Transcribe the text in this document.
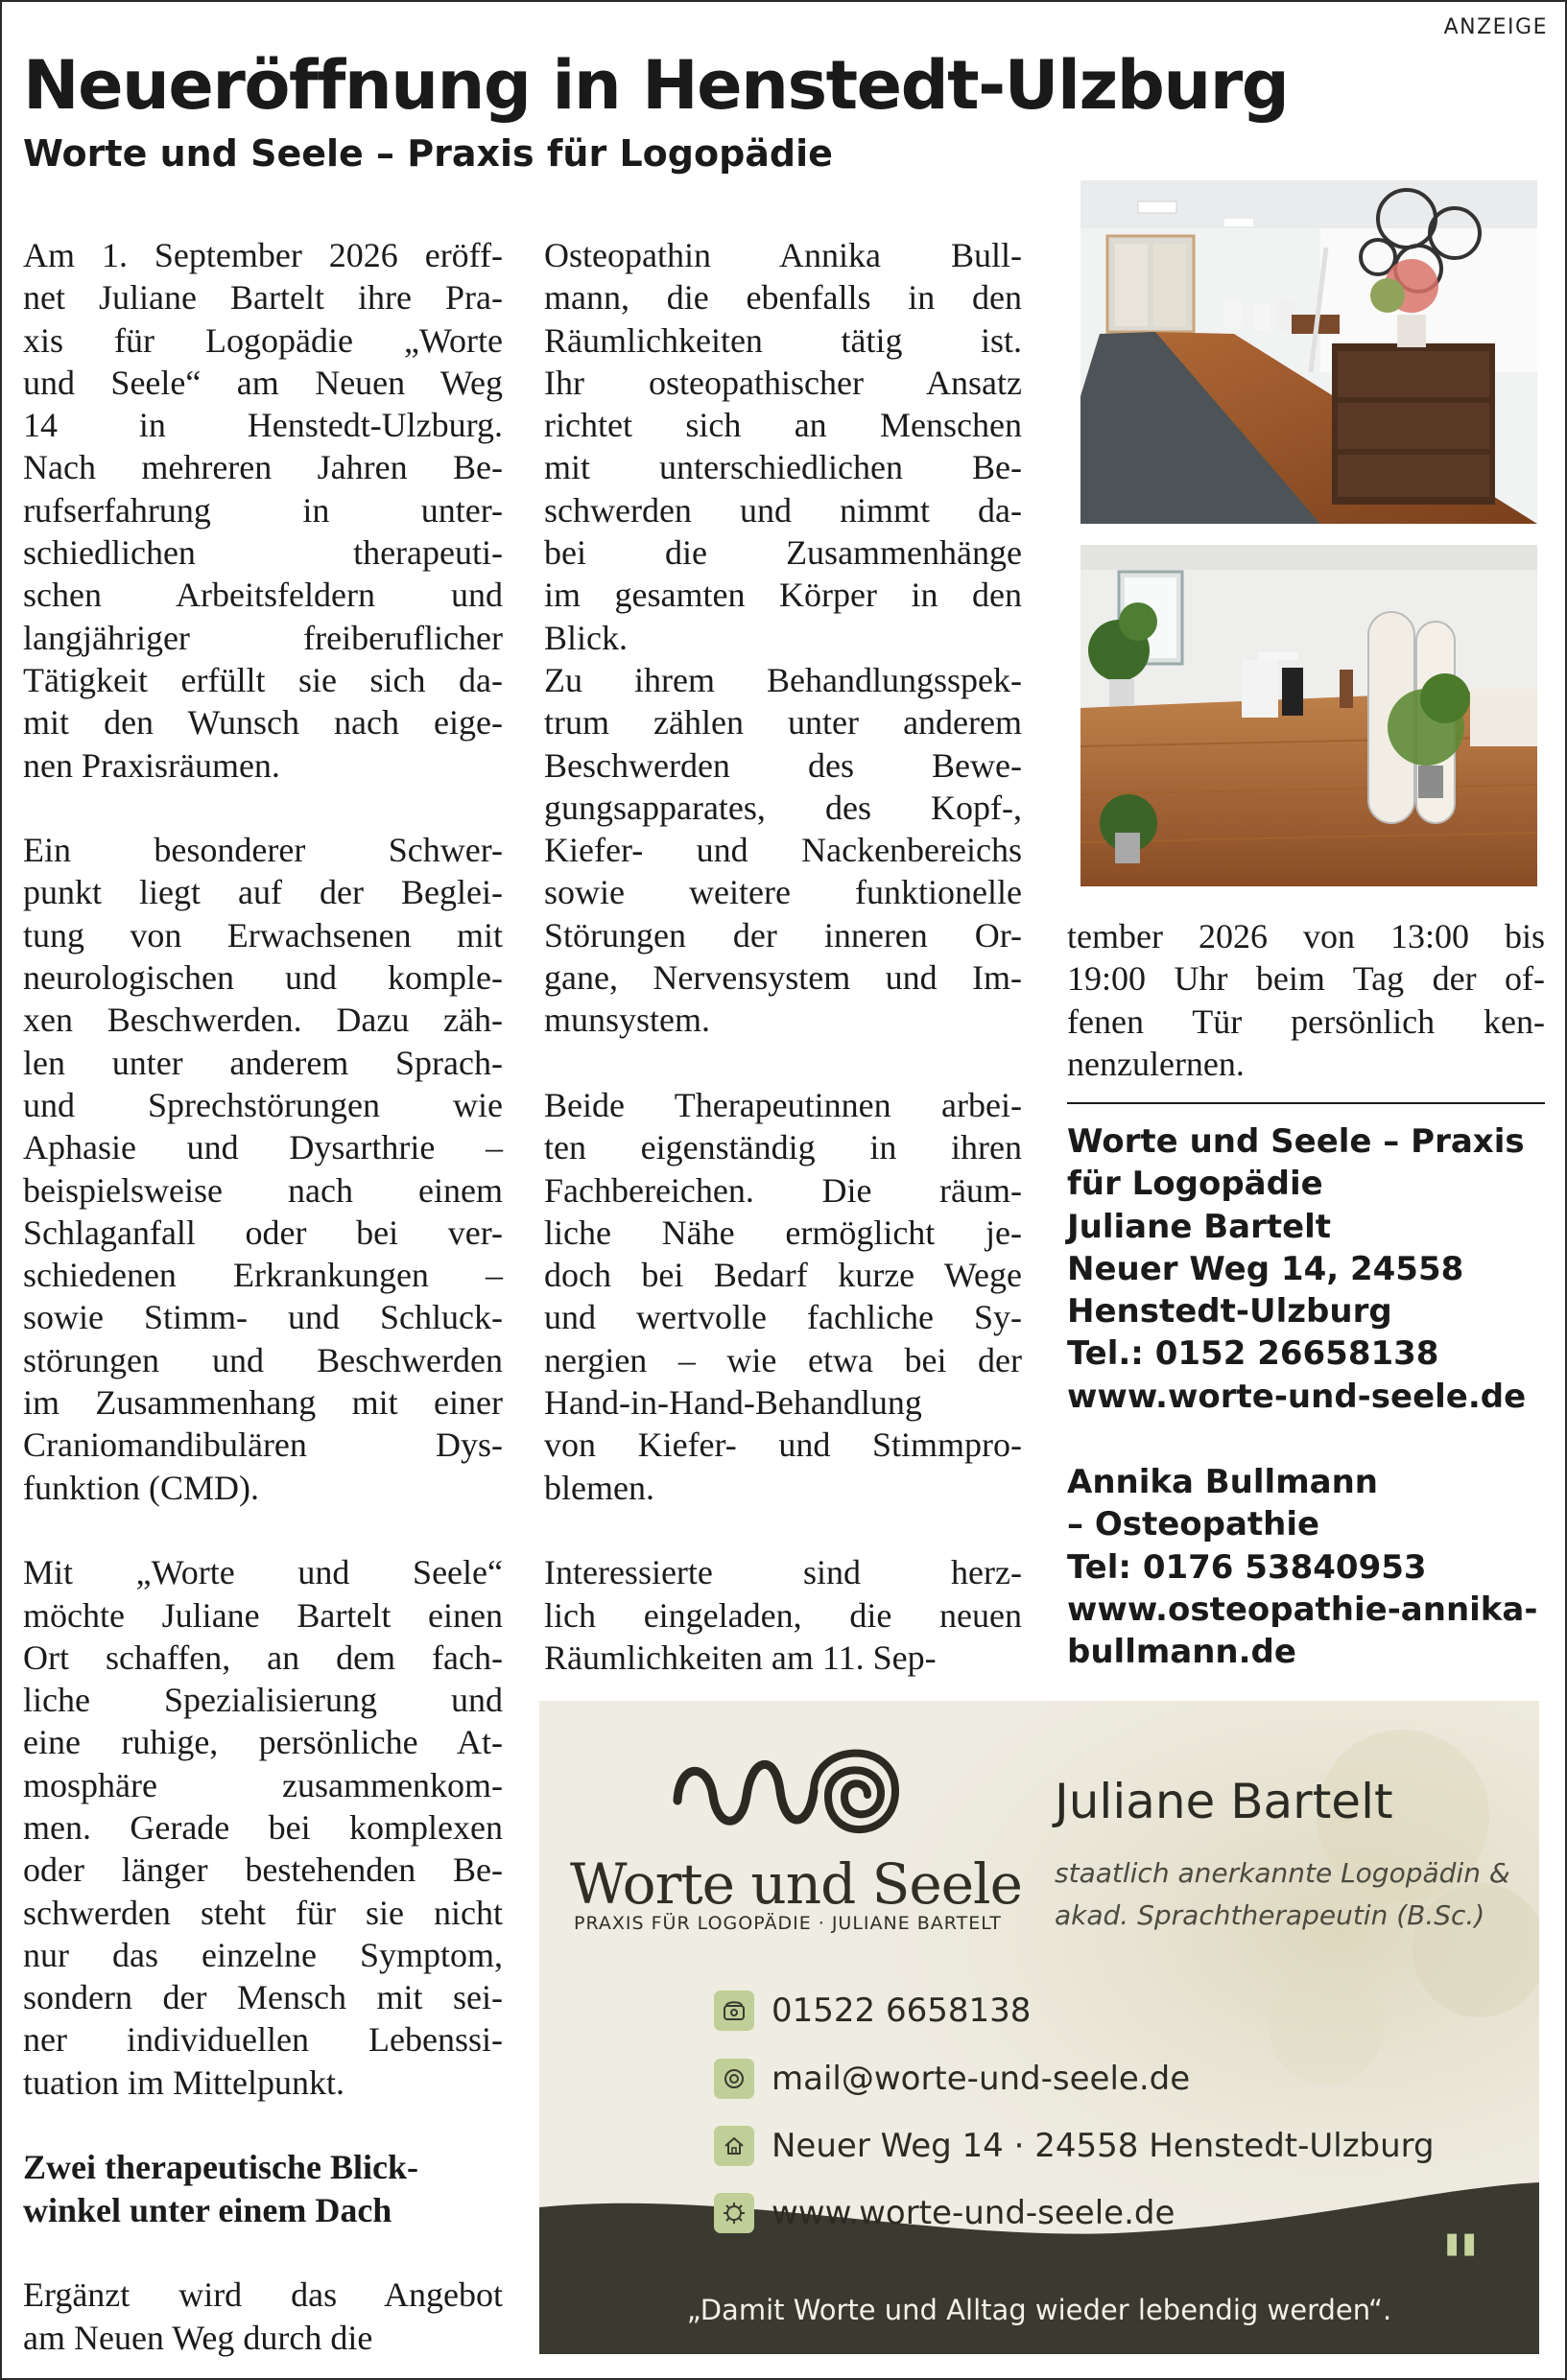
ANZEIGE
Neueröffnung in Henstedt-Ulzburg
Worte und Seele – Praxis für Logopädie
Am 1. September 2026 eröff-
net Juliane Bartelt ihre Pra-
xis für Logopädie „Worte
und Seele“ am Neuen Weg
14 in Henstedt-Ulzburg.
Nach mehreren Jahren Be-
rufserfahrung in unter-
schiedlichen therapeuti-
schen Arbeitsfeldern und
langjähriger freiberuflicher
Tätigkeit erfüllt sie sich da-
mit den Wunsch nach eige-
nen Praxisräumen.
Ein besonderer Schwer-
punkt liegt auf der Beglei-
tung von Erwachsenen mit
neurologischen und komple-
xen Beschwerden. Dazu zäh-
len unter anderem Sprach-
und Sprechstörungen wie
Aphasie und Dysarthrie –
beispielsweise nach einem
Schlaganfall oder bei ver-
schiedenen Erkrankungen –
sowie Stimm- und Schluck-
störungen und Beschwerden
im Zusammenhang mit einer
Craniomandibulären Dys-
funktion (CMD).
Mit „Worte und Seele“
möchte Juliane Bartelt einen
Ort schaffen, an dem fach-
liche Spezialisierung und
eine ruhige, persönliche At-
mosphäre zusammenkom-
men. Gerade bei komplexen
oder länger bestehenden Be-
schwerden steht für sie nicht
nur das einzelne Symptom,
sondern der Mensch mit sei-
ner individuellen Lebenssi-
tuation im Mittelpunkt.
Zwei therapeutische Blick-
winkel unter einem Dach
Ergänzt wird das Angebot
am Neuen Weg durch die
Osteopathin Annika Bull-
mann, die ebenfalls in den
Räumlichkeiten tätig ist.
Ihr osteopathischer Ansatz
richtet sich an Menschen
mit unterschiedlichen Be-
schwerden und nimmt da-
bei die Zusammenhänge
im gesamten Körper in den
Blick.
Zu ihrem Behandlungsspek-
trum zählen unter anderem
Beschwerden des Bewe-
gungsapparates, des Kopf-,
Kiefer- und Nackenbereichs
sowie weitere funktionelle
Störungen der inneren Or-
gane, Nervensystem und Im-
munsystem.
Beide Therapeutinnen arbei-
ten eigenständig in ihren
Fachbereichen. Die räum-
liche Nähe ermöglicht je-
doch bei Bedarf kurze Wege
und wertvolle fachliche Sy-
nergien – wie etwa bei der
Hand-in-Hand-Behandlung
von Kiefer- und Stimmpro-
blemen.
Interessierte sind herz-
lich eingeladen, die neuen
Räumlichkeiten am 11. Sep-
tember 2026 von 13:00 bis
19:00 Uhr beim Tag der of-
fenen Tür persönlich ken-
nenzulernen.
Worte und Seele – Praxis
für Logopädie
Juliane Bartelt
Neuer Weg 14, 24558
Henstedt-Ulzburg
Tel.: 0152 26658138
www.worte-und-seele.de
Annika Bullmann
– Osteopathie
Tel: 0176 53840953
www.osteopathie-annika-
bullmann.de
Worte und Seele
PRAXIS FÜR LOGOPÄDIE · JULIANE BARTELT
Juliane Bartelt
staatlich anerkannte Logopädin &
akad. Sprachtherapeutin (B.Sc.)
01522 6658138
mail@worte-und-seele.de
Neuer Weg 14 · 24558 Henstedt-Ulzburg
www.worte-und-seele.de
"
„Damit Worte und Alltag wieder lebendig werden“.
